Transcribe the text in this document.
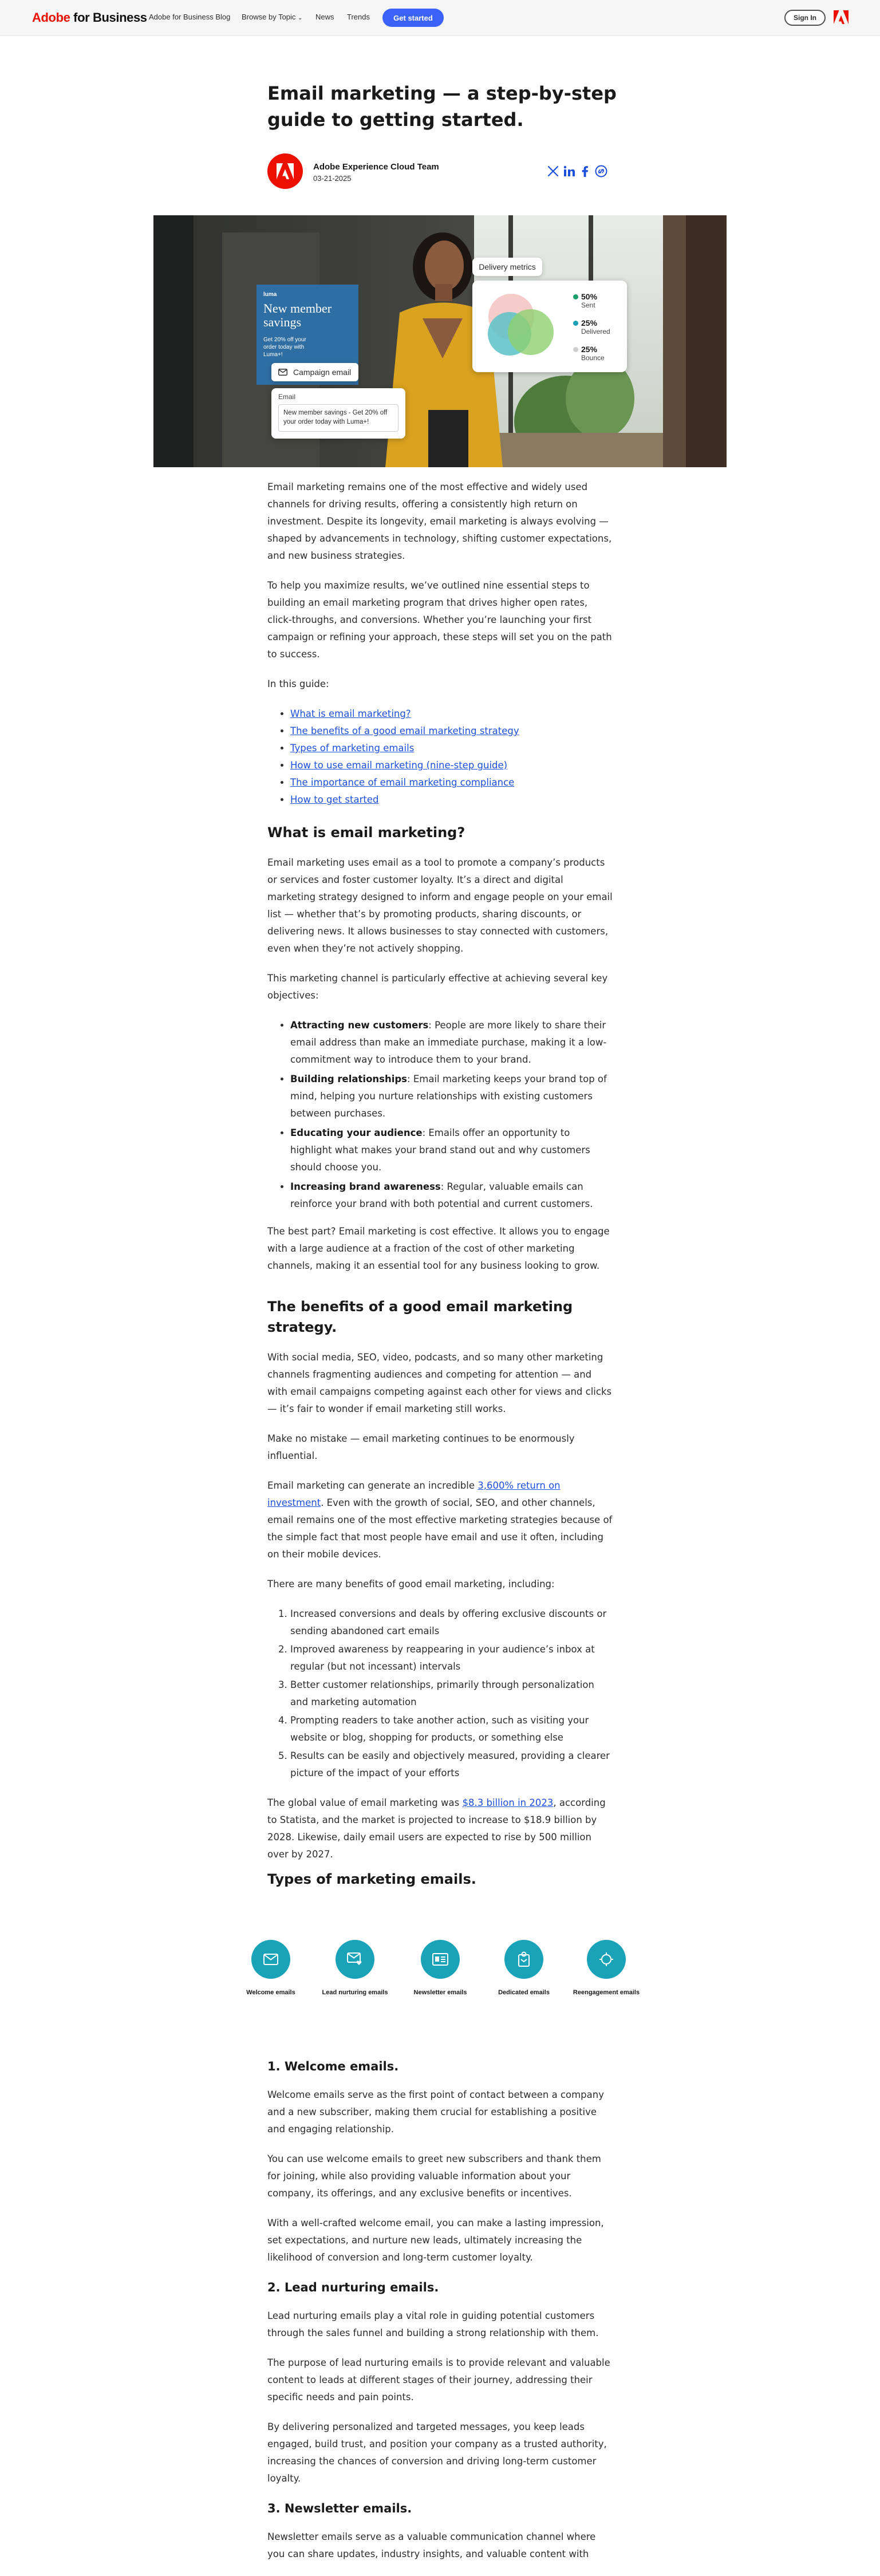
Adobe for Business Adobe for Business Blog Browse by Topic ⌄ News Trends	Get started	Sign In
Email marketing — a step-by-step guide to getting started.
Adobe Experience Cloud Team
03-21-2025
Delivery metrics
50%
Sent
25%
Delivered
25%
Bounce
luma
New member savings
Get 20% off your order today with Luma+!
Campaign email
Email
New member savings - Get 20% off your order today with Luma+!

Email marketing remains one of the most effective and widely used channels for driving results, offering a consistently high return on investment. Despite its longevity, email marketing is always evolving — shaped by advancements in technology, shifting customer expectations, and new business strategies.

To help you maximize results, we’ve outlined nine essential steps to building an email marketing program that drives higher open rates, click-throughs, and conversions. Whether you’re launching your first campaign or refining your approach, these steps will set you on the path to success.

In this guide:

• What is email marketing?
• The benefits of a good email marketing strategy
• Types of marketing emails
• How to use email marketing (nine-step guide)
• The importance of email marketing compliance
• How to get started
What is email marketing?

Email marketing uses email as a tool to promote a company’s products or services and foster customer loyalty. It’s a direct and digital marketing strategy designed to inform and engage people on your email list — whether that’s by promoting products, sharing discounts, or delivering news. It allows businesses to stay connected with customers, even when they’re not actively shopping.

This marketing channel is particularly effective at achieving several key objectives:

• Attracting new customers: People are more likely to share their email address than make an immediate purchase, making it a low-commitment way to introduce them to your brand.
• Building relationships: Email marketing keeps your brand top of mind, helping you nurture relationships with existing customers between purchases.
• Educating your audience: Emails offer an opportunity to highlight what makes your brand stand out and why customers should choose you.
• Increasing brand awareness: Regular, valuable emails can reinforce your brand with both potential and current customers.

The best part? Email marketing is cost effective. It allows you to engage with a large audience at a fraction of the cost of other marketing channels, making it an essential tool for any business looking to grow.

The benefits of a good email marketing strategy.

With social media, SEO, video, podcasts, and so many other marketing channels fragmenting audiences and competing for attention — and with email campaigns competing against each other for views and clicks — it’s fair to wonder if email marketing still works.

Make no mistake — email marketing continues to be enormously influential.

Email marketing can generate an incredible 3,600% return on investment. Even with the growth of social, SEO, and other channels, email remains one of the most effective marketing strategies because of the simple fact that most people have email and use it often, including on their mobile devices.

There are many benefits of good email marketing, including:

1. Increased conversions and deals by offering exclusive discounts or sending abandoned cart emails
2. Improved awareness by reappearing in your audience’s inbox at regular (but not incessant) intervals
3. Better customer relationships, primarily through personalization and marketing automation
4. Prompting readers to take another action, such as visiting your website or blog, shopping for products, or something else
5. Results can be easily and objectively measured, providing a clearer picture of the impact of your efforts

The global value of email marketing was $8.3 billion in 2023, according to Statista, and the market is projected to increase to $18.9 billion by 2028. Likewise, daily email users are expected to rise by 500 million over by 2027.

Types of marketing emails.
Welcome emails	Lead nurturing emails	Newsletter emails	Dedicated emails	Reengagement emails
1. Welcome emails.

Welcome emails serve as the first point of contact between a company and a new subscriber, making them crucial for establishing a positive and engaging relationship.

You can use welcome emails to greet new subscribers and thank them for joining, while also providing valuable information about your company, its offerings, and any exclusive benefits or incentives.

With a well-crafted welcome email, you can make a lasting impression, set expectations, and nurture new leads, ultimately increasing the likelihood of conversion and long-term customer loyalty.

2. Lead nurturing emails.

Lead nurturing emails play a vital role in guiding potential customers through the sales funnel and building a strong relationship with them.

The purpose of lead nurturing emails is to provide relevant and valuable content to leads at different stages of their journey, addressing their specific needs and pain points.

By delivering personalized and targeted messages, you keep leads engaged, build trust, and position your company as a trusted authority, increasing the chances of conversion and driving long-term customer loyalty.

3. Newsletter emails.

Newsletter emails serve as a valuable communication channel where you can share updates, industry insights, and valuable content with
